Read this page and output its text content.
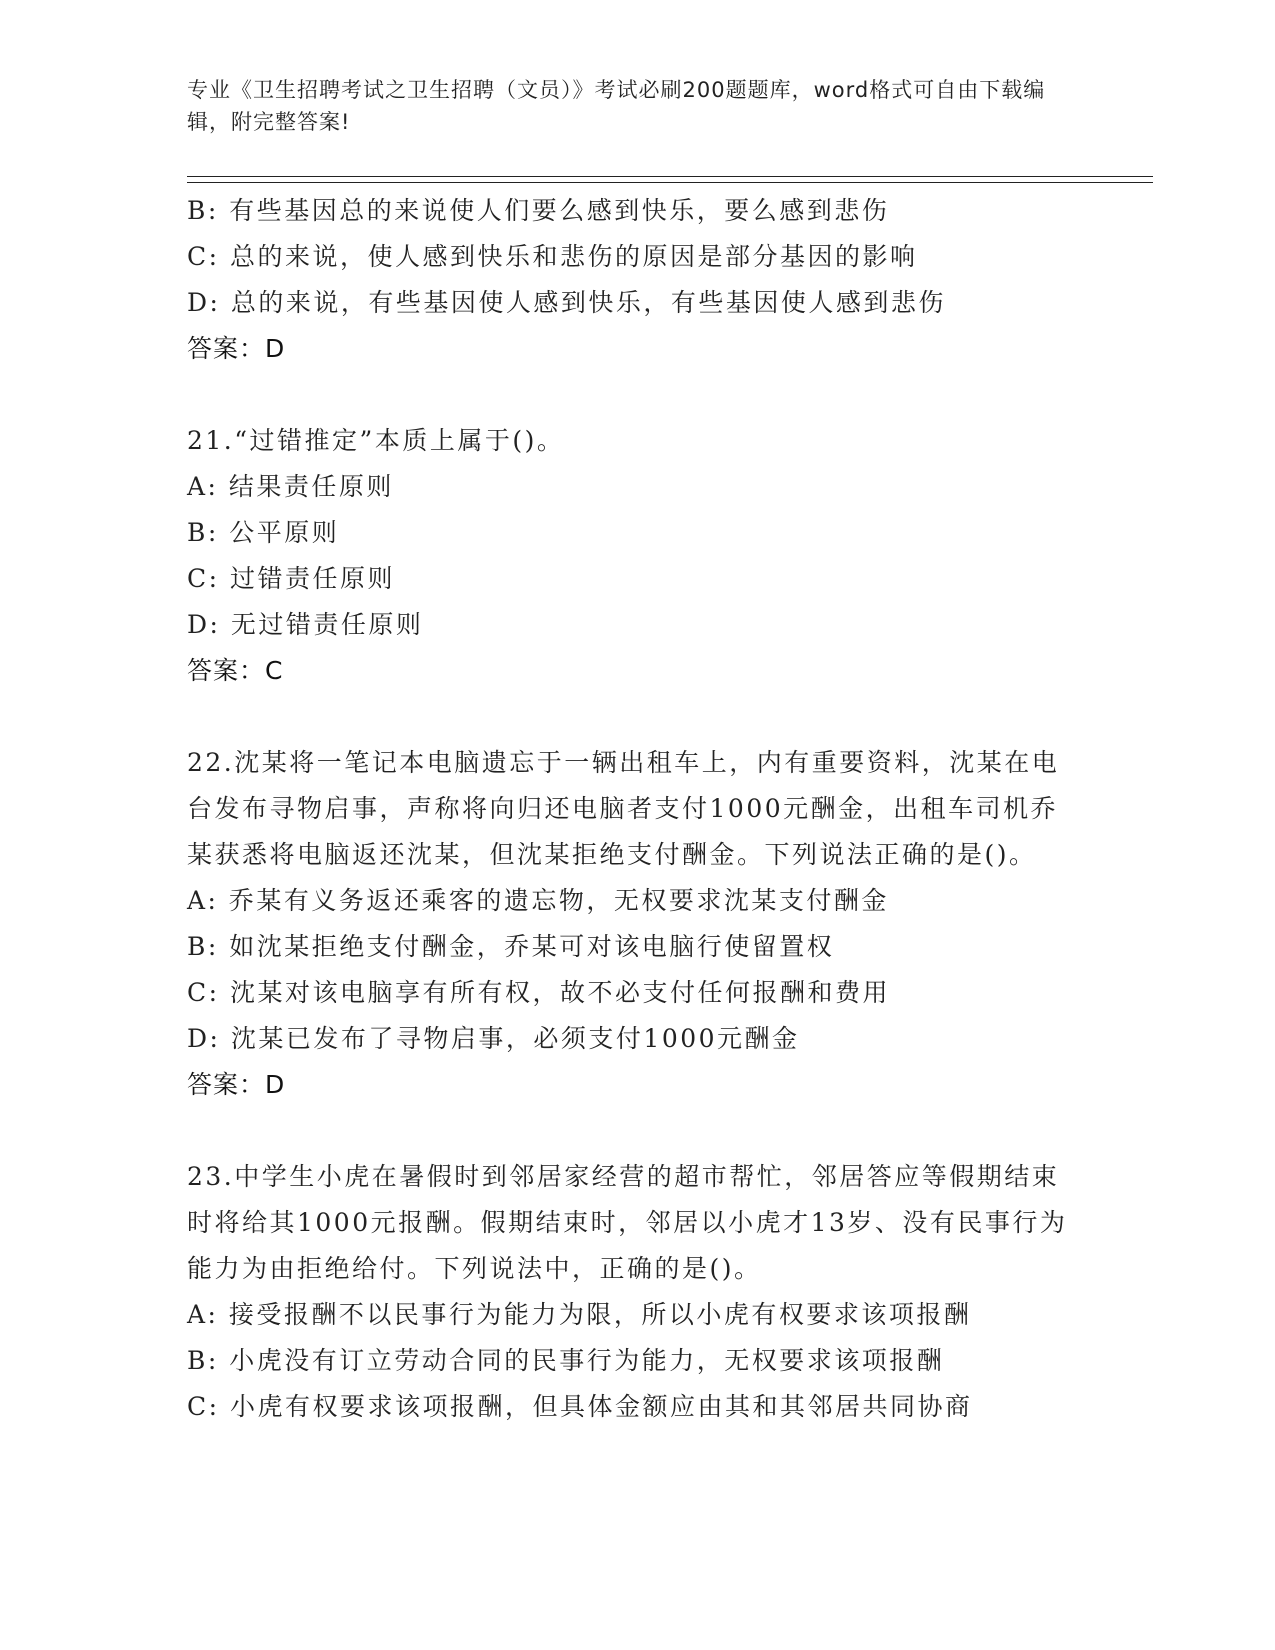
专业《卫生招聘考试之卫生招聘（文员）》考试必刷200题题库，word格式可自由下载编辑，附完整答案!
B: 有些基因总的来说使人们要么感到快乐，要么感到悲伤
C: 总的来说，使人感到快乐和悲伤的原因是部分基因的影响
D: 总的来说，有些基因使人感到快乐，有些基因使人感到悲伤
答案：D
21.“过错推定”本质上属于()。
A: 结果责任原则
B: 公平原则
C: 过错责任原则
D: 无过错责任原则
答案：C
22.沈某将一笔记本电脑遗忘于一辆出租车上，内有重要资料，沈某在电台发布寻物启事，声称将向归还电脑者支付1000元酬金，出租车司机乔某获悉将电脑返还沈某，但沈某拒绝支付酬金。下列说法正确的是()。
A: 乔某有义务返还乘客的遗忘物，无权要求沈某支付酬金
B: 如沈某拒绝支付酬金，乔某可对该电脑行使留置权
C: 沈某对该电脑享有所有权，故不必支付任何报酬和费用
D: 沈某已发布了寻物启事，必须支付1000元酬金
答案：D
23.中学生小虎在暑假时到邻居家经营的超市帮忙，邻居答应等假期结束时将给其1000元报酬。假期结束时，邻居以小虎才13岁、没有民事行为能力为由拒绝给付。下列说法中，正确的是()。
A: 接受报酬不以民事行为能力为限，所以小虎有权要求该项报酬
B: 小虎没有订立劳动合同的民事行为能力，无权要求该项报酬
C: 小虎有权要求该项报酬，但具体金额应由其和其邻居共同协商
